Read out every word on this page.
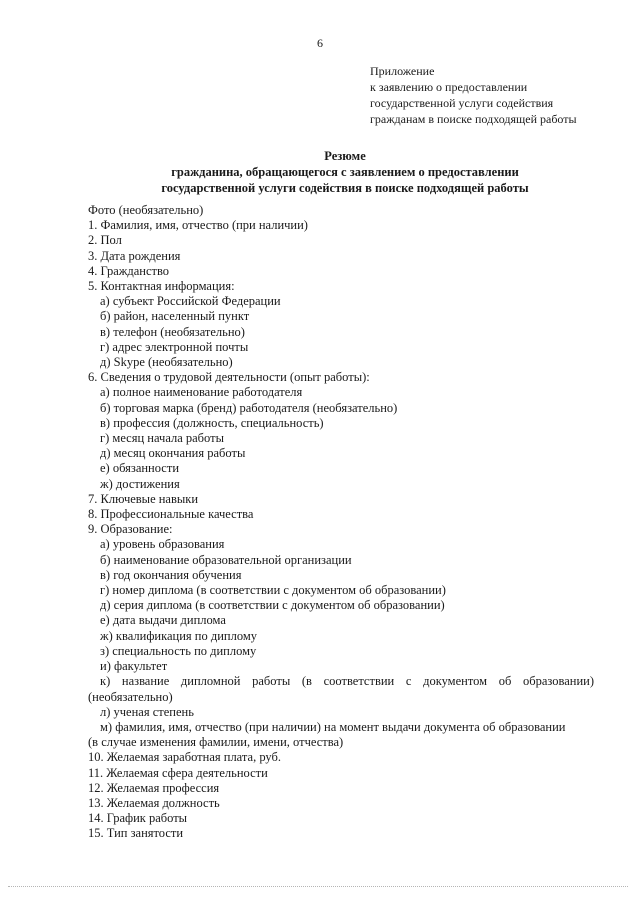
6
Приложение
к заявлению о предоставлении
государственной услуги содействия
гражданам в поиске подходящей работы
Резюме
гражданина, обращающегося с заявлением о предоставлении
государственной услуги содействия в поиске подходящей работы
Фото (необязательно)
1. Фамилия, имя, отчество (при наличии)
2. Пол
3. Дата рождения
4. Гражданство
5. Контактная информация:
а) субъект Российской Федерации
б) район, населенный пункт
в) телефон (необязательно)
г) адрес электронной почты
д) Skype (необязательно)
6. Сведения о трудовой деятельности (опыт работы):
а) полное наименование работодателя
б) торговая марка (бренд) работодателя (необязательно)
в) профессия (должность, специальность)
г) месяц начала работы
д) месяц окончания работы
е) обязанности
ж) достижения
7. Ключевые навыки
8. Профессиональные качества
9. Образование:
а) уровень образования
б) наименование образовательной организации
в) год окончания обучения
г) номер диплома (в соответствии с документом об образовании)
д) серия диплома (в соответствии с документом об образовании)
е) дата выдачи диплома
ж) квалификация по диплому
з) специальность по диплому
и) факультет
к) название дипломной работы (в соответствии с документом об образовании)
(необязательно)
л) ученая степень
м) фамилия, имя, отчество (при наличии) на момент выдачи документа об образовании
(в случае изменения фамилии, имени, отчества)
10. Желаемая заработная плата, руб.
11. Желаемая сфера деятельности
12. Желаемая профессия
13. Желаемая должность
14. График работы
15. Тип занятости
